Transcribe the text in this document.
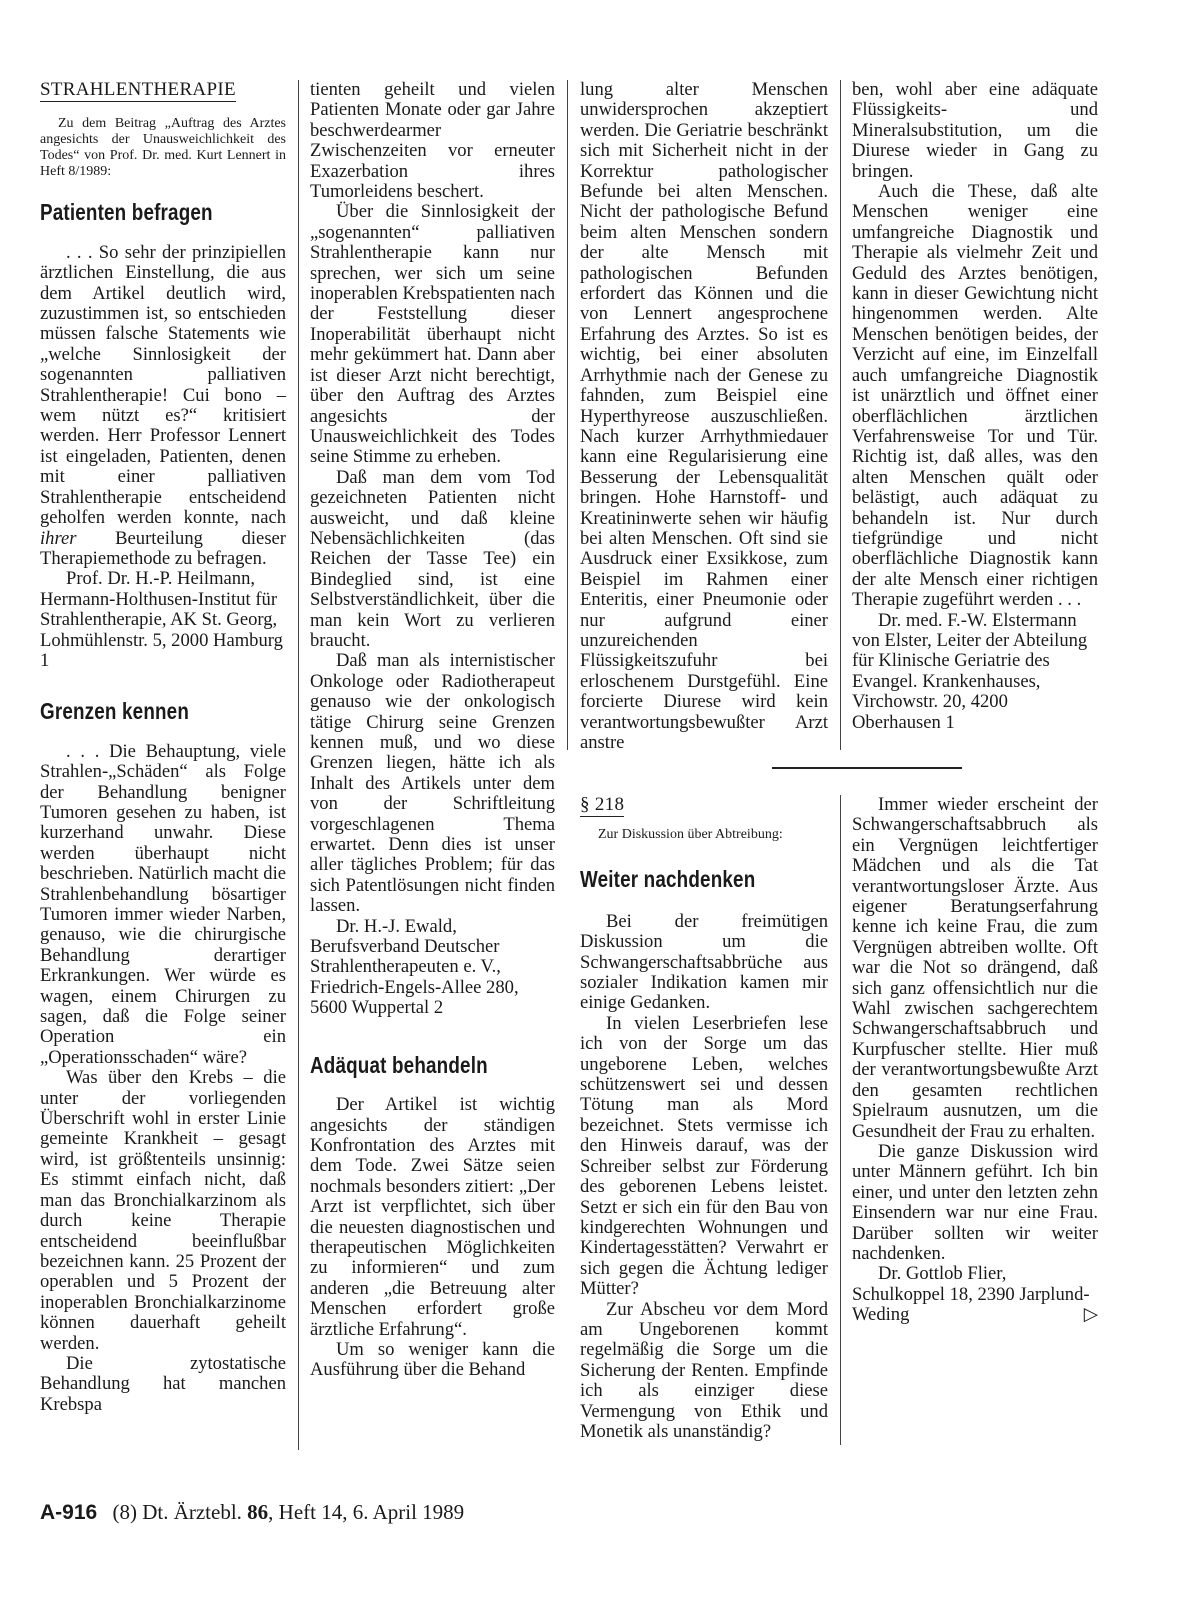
STRAHLENTHERAPIE

Zu dem Beitrag „Auftrag des Arztes angesichts der Unausweichlichkeit des Todes“ von Prof. Dr. med. Kurt Lennert in Heft 8/1989:

Patienten befragen

. . . So sehr der prinzipiellen ärztlichen Einstellung, die aus dem Artikel deutlich wird, zuzustimmen ist, so entschieden müssen falsche Statements wie „welche Sinnlosigkeit der sogenannten palliativen Strahlentherapie! Cui bono – wem nützt es?“ kritisiert werden. Herr Professor Lennert ist eingeladen, Patienten, denen mit einer palliativen Strahlentherapie entscheidend geholfen werden konnte, nach ihrer Beurteilung dieser Therapiemethode zu befragen.

Prof. Dr. H.-P. Heilmann, Hermann-Holthusen-Institut für Strahlentherapie, AK St. Georg, Lohmühlenstr. 5, 2000 Hamburg 1

Grenzen kennen

. . . Die Behauptung, viele Strahlen-„Schäden“ als Folge der Behandlung benigner Tumoren gesehen zu haben, ist kurzerhand unwahr. Diese werden überhaupt nicht beschrieben. Natürlich macht die Strahlenbehandlung bösartiger Tumoren immer wieder Narben, genauso, wie die chirurgische Behandlung derartiger Erkrankungen. Wer würde es wagen, einem Chirurgen zu sagen, daß die Folge seiner Operation ein „Operationsschaden“ wäre?

Was über den Krebs – die unter der vorliegenden Überschrift wohl in erster Linie gemeinte Krankheit – gesagt wird, ist größtenteils unsinnig: Es stimmt einfach nicht, daß man das Bronchialkarzinom als durch keine Therapie entscheidend beeinflußbar bezeichnen kann. 25 Prozent der operablen und 5 Prozent der inoperablen Bronchialkarzinome können dauerhaft geheilt werden.

Die zytostatische Behandlung hat manchen Krebspa

tienten geheilt und vielen Patienten Monate oder gar Jahre beschwerdearmer Zwischenzeiten vor erneuter Exazerbation ihres Tumorleidens beschert.

Über die Sinnlosigkeit der „sogenannten“ palliativen Strahlentherapie kann nur sprechen, wer sich um seine inoperablen Krebspatienten nach der Feststellung dieser Inoperabilität überhaupt nicht mehr gekümmert hat. Dann aber ist dieser Arzt nicht berechtigt, über den Auftrag des Arztes angesichts der Unausweichlichkeit des Todes seine Stimme zu erheben.

Daß man dem vom Tod gezeichneten Patienten nicht ausweicht, und daß kleine Nebensächlichkeiten (das Reichen der Tasse Tee) ein Bindeglied sind, ist eine Selbstverständlichkeit, über die man kein Wort zu verlieren braucht.

Daß man als internistischer Onkologe oder Radiotherapeut genauso wie der onkologisch tätige Chirurg seine Grenzen kennen muß, und wo diese Grenzen liegen, hätte ich als Inhalt des Artikels unter dem von der Schriftleitung vorgeschlagenen Thema erwartet. Denn dies ist unser aller tägliches Problem; für das sich Patentlösungen nicht finden lassen.

Dr. H.-J. Ewald, Berufsverband Deutscher Strahlentherapeuten e. V., Friedrich-Engels-Allee 280, 5600 Wuppertal 2

Adäquat behandeln

Der Artikel ist wichtig angesichts der ständigen Konfrontation des Arztes mit dem Tode. Zwei Sätze seien nochmals besonders zitiert: „Der Arzt ist verpflichtet, sich über die neuesten diagnostischen und therapeutischen Möglichkeiten zu informieren“ und zum anderen „die Betreuung alter Menschen erfordert große ärztliche Erfahrung“.

Um so weniger kann die Ausführung über die Behand

lung alter Menschen unwidersprochen akzeptiert werden. Die Geriatrie beschränkt sich mit Sicherheit nicht in der Korrektur pathologischer Befunde bei alten Menschen. Nicht der pathologische Befund beim alten Menschen sondern der alte Mensch mit pathologischen Befunden erfordert das Können und die von Lennert angesprochene Erfahrung des Arztes. So ist es wichtig, bei einer absoluten Arrhythmie nach der Genese zu fahnden, zum Beispiel eine Hyperthyreose auszuschließen. Nach kurzer Arrhythmiedauer kann eine Regularisierung eine Besserung der Lebensqualität bringen. Hohe Harnstoff- und Kreatininwerte sehen wir häufig bei alten Menschen. Oft sind sie Ausdruck einer Exsikkose, zum Beispiel im Rahmen einer Enteritis, einer Pneumonie oder nur aufgrund einer unzureichenden Flüssigkeitszufuhr bei erloschenem Durstgefühl. Eine forcierte Diurese wird kein verantwortungsbewußter Arzt anstre

ben, wohl aber eine adäquate Flüssigkeits- und Mineralsubstitution, um die Diurese wieder in Gang zu bringen.

Auch die These, daß alte Menschen weniger eine umfangreiche Diagnostik und Therapie als vielmehr Zeit und Geduld des Arztes benötigen, kann in dieser Gewichtung nicht hingenommen werden. Alte Menschen benötigen beides, der Verzicht auf eine, im Einzelfall auch umfangreiche Diagnostik ist unärztlich und öffnet einer oberflächlichen ärztlichen Verfahrensweise Tor und Tür. Richtig ist, daß alles, was den alten Menschen quält oder belästigt, auch adäquat zu behandeln ist. Nur durch tiefgründige und nicht oberflächliche Diagnostik kann der alte Mensch einer richtigen Therapie zugeführt werden . . .

Dr. med. F.-W. Elstermann von Elster, Leiter der Abteilung für Klinische Geriatrie des Evangel. Krankenhauses, Virchowstr. 20, 4200 Oberhausen 1

§ 218

Zur Diskussion über Abtreibung:

Weiter nachdenken

Bei der freimütigen Diskussion um die Schwangerschaftsabbrüche aus sozialer Indikation kamen mir einige Gedanken.

In vielen Leserbriefen lese ich von der Sorge um das ungeborene Leben, welches schützenswert sei und dessen Tötung man als Mord bezeichnet. Stets vermisse ich den Hinweis darauf, was der Schreiber selbst zur Förderung des geborenen Lebens leistet. Setzt er sich ein für den Bau von kindgerechten Wohnungen und Kindertagesstätten? Verwahrt er sich gegen die Ächtung lediger Mütter?

Zur Abscheu vor dem Mord am Ungeborenen kommt regelmäßig die Sorge um die Sicherung der Renten. Empfinde ich als einziger diese Vermengung von Ethik und Monetik als unanständig?

Immer wieder erscheint der Schwangerschaftsabbruch als ein Vergnügen leichtfertiger Mädchen und als die Tat verantwortungsloser Ärzte. Aus eigener Beratungserfahrung kenne ich keine Frau, die zum Vergnügen abtreiben wollte. Oft war die Not so drängend, daß sich ganz offensichtlich nur die Wahl zwischen sachgerechtem Schwangerschaftsabbruch und Kurpfuscher stellte. Hier muß der verantwortungsbewußte Arzt den gesamten rechtlichen Spielraum ausnutzen, um die Gesundheit der Frau zu erhalten.

Die ganze Diskussion wird unter Männern geführt. Ich bin einer, und unter den letzten zehn Einsendern war nur eine Frau. Darüber sollten wir weiter nachdenken.

Dr. Gottlob Flier, Schulkoppel 18, 2390 Jarplund-Weding	▷

A-916 (8) Dt. Ärztebl. 86, Heft 14, 6. April 1989
